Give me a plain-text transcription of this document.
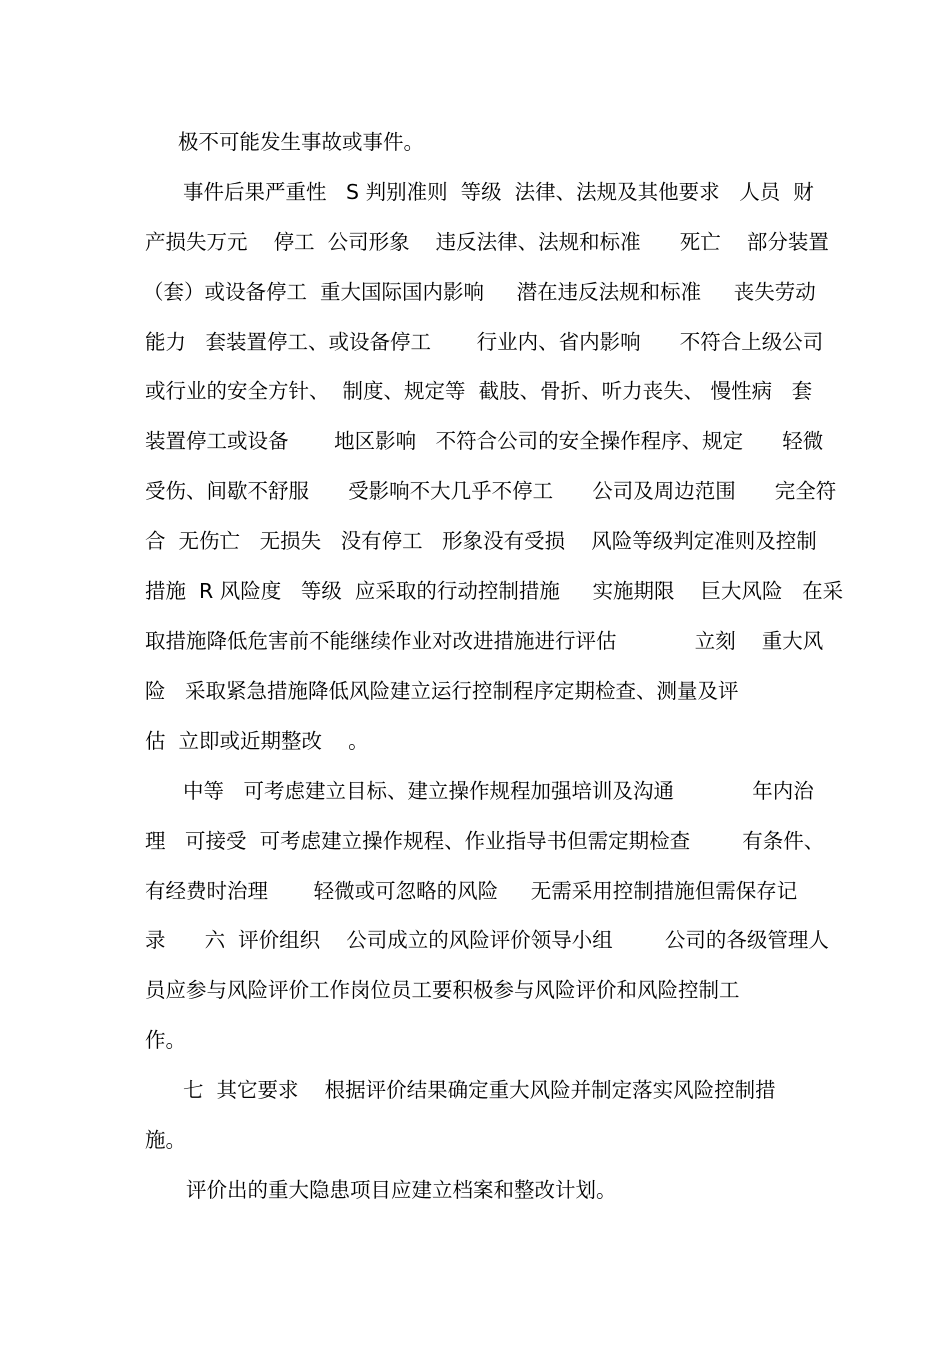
极不可能发生事故或事件。
事件后果严重性   S 判别准则  等级  法律、法规及其他要求   人员  财
产损失万元    停工  公司形象    违反法律、法规和标准      死亡    部分装置
（套）或设备停工  重大国际国内影响     潜在违反法规和标准     丧失劳动
能力   套装置停工、或设备停工       行业内、省内影响      不符合上级公司
或行业的安全方针、  制度、规定等  截肢、骨折、听力丧失、 慢性病   套
装置停工或设备       地区影响   不符合公司的安全操作程序、规定      轻微
受伤、间歇不舒服      受影响不大几乎不停工      公司及周边范围      完全符
合  无伤亡   无损失   没有停工   形象没有受损    风险等级判定准则及控制
措施  R 风险度   等级  应采取的行动控制措施     实施期限    巨大风险   在采
取措施降低危害前不能继续作业对改进措施进行评估            立刻    重大风
险   采取紧急措施降低风险建立运行控制程序定期检查、测量及评
估  立即或近期整改    。
中等   可考虑建立目标、建立操作规程加强培训及沟通            年内治
理   可接受  可考虑建立操作规程、作业指导书但需定期检查        有条件、
有经费时治理       轻微或可忽略的风险     无需采用控制措施但需保存记
录      六  评价组织    公司成立的风险评价领导小组        公司的各级管理人
员应参与风险评价工作岗位员工要积极参与风险评价和风险控制工
作。
七  其它要求    根据评价结果确定重大风险并制定落实风险控制措
施。
评价出的重大隐患项目应建立档案和整改计划。
